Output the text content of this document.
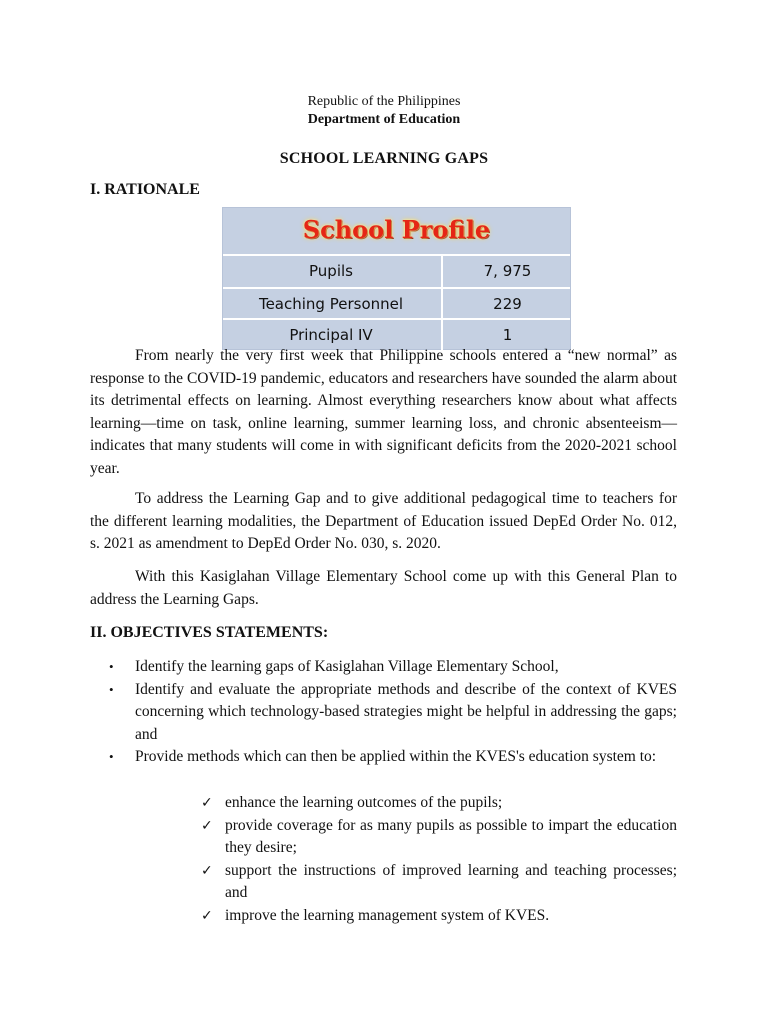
Republic of the Philippines
Department of Education
SCHOOL LEARNING GAPS
I. RATIONALE
School Profile
Pupils	7, 975
Teaching Personnel	229
Principal IV	1

From nearly the very first week that Philippine schools entered a “new normal” as response to the COVID-19 pandemic, educators and researchers have sounded the alarm about its detrimental effects on learning. Almost everything researchers know about what affects learning—time on task, online learning, summer learning loss, and chronic absenteeism—indicates that many students will come in with significant deficits from the 2020-2021 school year.

To address the Learning Gap and to give additional pedagogical time to teachers for the different learning modalities, the Department of Education issued DepEd Order No. 012, s. 2021 as amendment to DepEd Order No. 030, s. 2020.

With this Kasiglahan Village Elementary School come up with this General Plan to address the Learning Gaps.

II. OBJECTIVES STATEMENTS:
• Identify the learning gaps of Kasiglahan Village Elementary School,
• Identify and evaluate the appropriate methods and describe of the context of KVES concerning which technology-based strategies might be helpful in addressing the gaps; and
• Provide methods which can then be applied within the KVES's education system to:
✓ enhance the learning outcomes of the pupils;
✓ provide coverage for as many pupils as possible to impart the education they desire;
✓ support the instructions of improved learning and teaching processes; and
✓ improve the learning management system of KVES.
